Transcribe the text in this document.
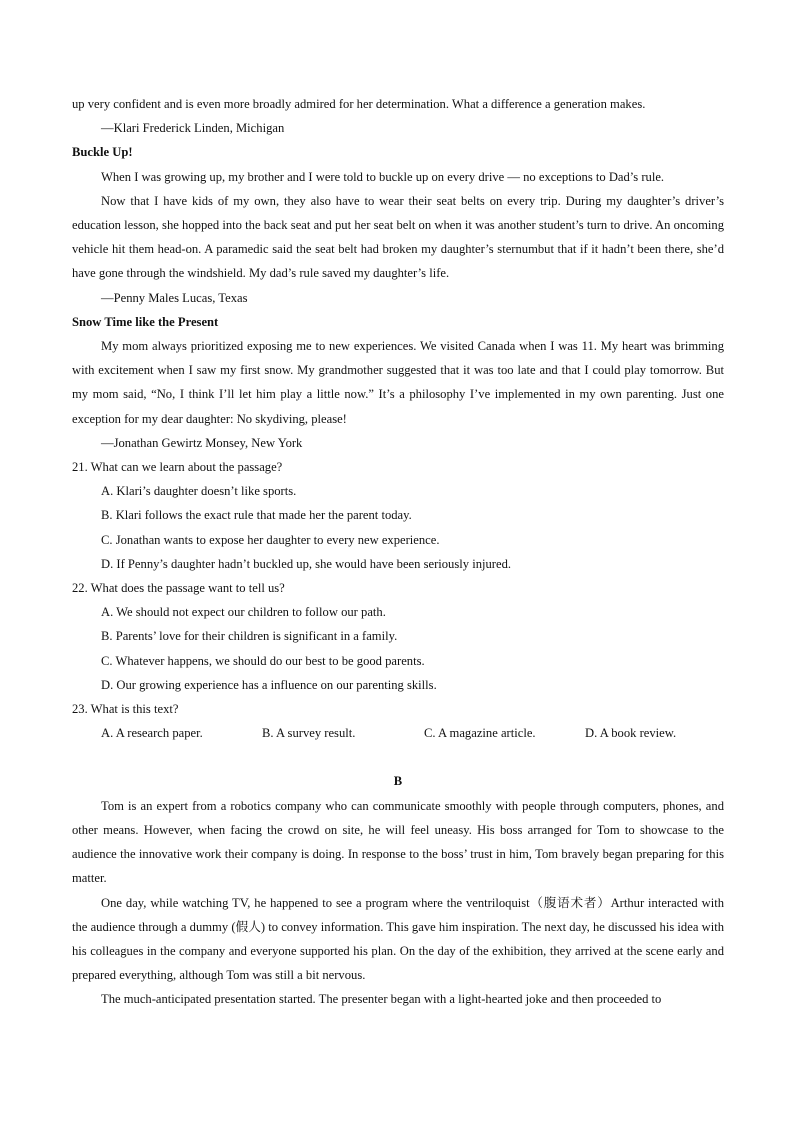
up very confident and is even more broadly admired for her determination. What a difference a generation makes.

—Klari Frederick Linden, Michigan

Buckle Up!

When I was growing up, my brother and I were told to buckle up on every drive — no exceptions to Dad’s rule.

Now that I have kids of my own, they also have to wear their seat belts on every trip. During my daughter’s driver’s education lesson, she hopped into the back seat and put her seat belt on when it was another student’s turn to drive. An oncoming vehicle hit them head-on. A paramedic said the seat belt had broken my daughter’s sternumbut that if it hadn’t been there, she’d have gone through the windshield. My dad’s rule saved my daughter’s life.

—Penny Males Lucas, Texas

Snow Time like the Present

My mom always prioritized exposing me to new experiences. We visited Canada when I was 11. My heart was brimming with excitement when I saw my first snow. My grandmother suggested that it was too late and that I could play tomorrow. But my mom said, “No, I think I’ll let him play a little now.” It’s a philosophy I’ve implemented in my own parenting. Just one exception for my dear daughter: No skydiving, please!

—Jonathan Gewirtz Monsey, New York

21. What can we learn about the passage?

A. Klari’s daughter doesn’t like sports.

B. Klari follows the exact rule that made her the parent today.

C. Jonathan wants to expose her daughter to every new experience.

D. If Penny’s daughter hadn’t buckled up, she would have been seriously injured.

22. What does the passage want to tell us?

A. We should not expect our children to follow our path.

B. Parents’ love for their children is significant in a family.

C. Whatever happens, we should do our best to be good parents.

D. Our growing experience has a influence on our parenting skills.

23. What is this text?

A. A research paper.	B. A survey result.	C. A magazine article.	D. A book review.

B

Tom is an expert from a robotics company who can communicate smoothly with people through computers, phones, and other means. However, when facing the crowd on site, he will feel uneasy. His boss arranged for Tom to showcase to the audience the innovative work their company is doing. In response to the boss’ trust in him, Tom bravely began preparing for this matter.

One day, while watching TV, he happened to see a program where the ventriloquist（腹语术者）Arthur interacted with the audience through a dummy (假人) to convey information. This gave him inspiration. The next day, he discussed his idea with his colleagues in the company and everyone supported his plan. On the day of the exhibition, they arrived at the scene early and prepared everything, although Tom was still a bit nervous.

The much-anticipated presentation started. The presenter began with a light-hearted joke and then proceeded to
